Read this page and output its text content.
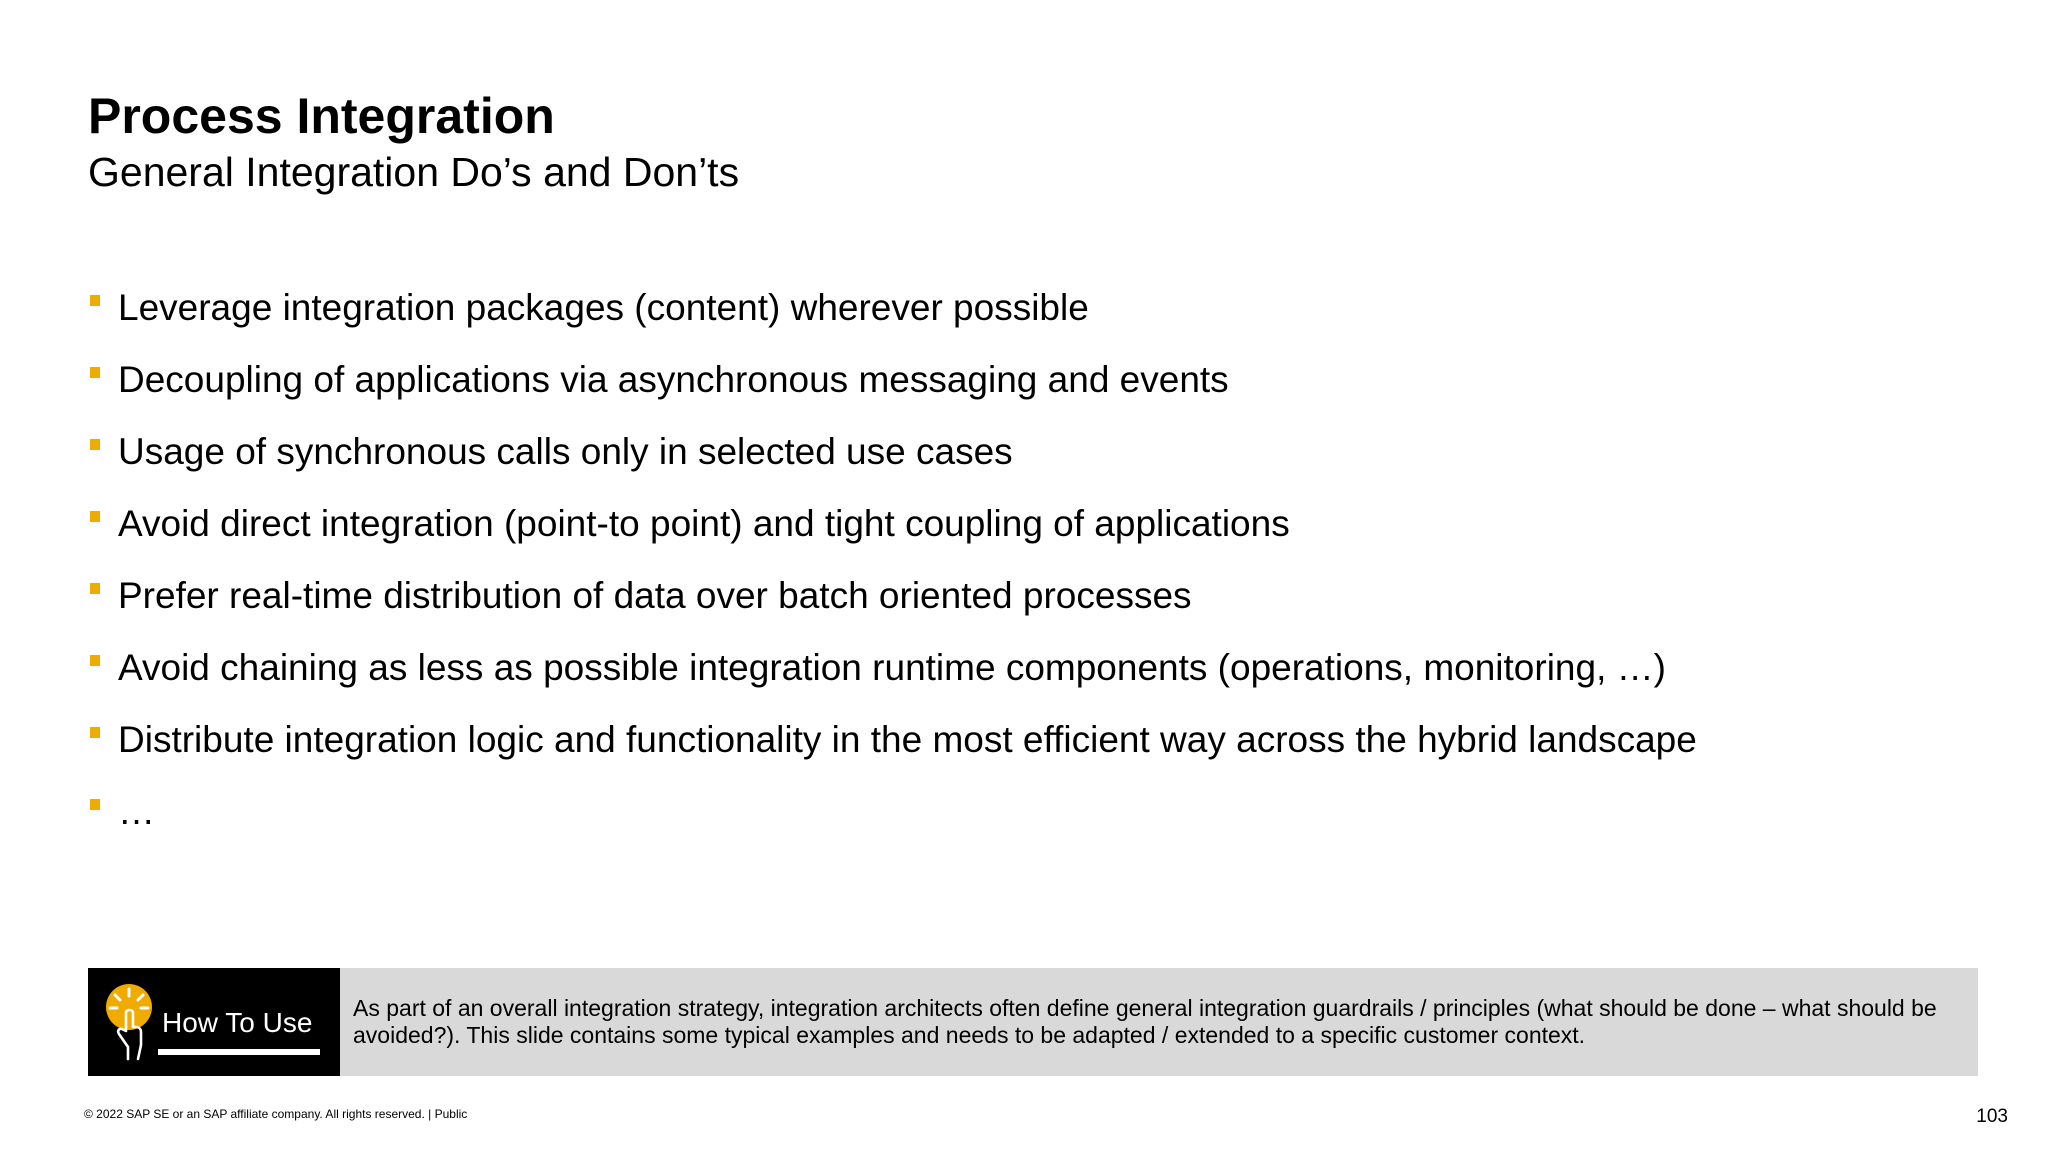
Process Integration
General Integration Do’s and Don’ts
Leverage integration packages (content) wherever possible
Decoupling of applications via asynchronous messaging and events
Usage of synchronous calls only in selected use cases
Avoid direct integration (point-to point) and tight coupling of applications
Prefer real-time distribution of data over batch oriented processes
Avoid chaining as less as possible integration runtime components (operations, monitoring, …)
Distribute integration logic and functionality in the most efficient way across the hybrid landscape
…
How To Use As part of an overall integration strategy, integration architects often define general integration guardrails / principles (what should be done – what should be avoided?). This slide contains some typical examples and needs to be adapted / extended to a specific customer context.
© 2022 SAP SE or an SAP affiliate company. All rights reserved. | Public	103
